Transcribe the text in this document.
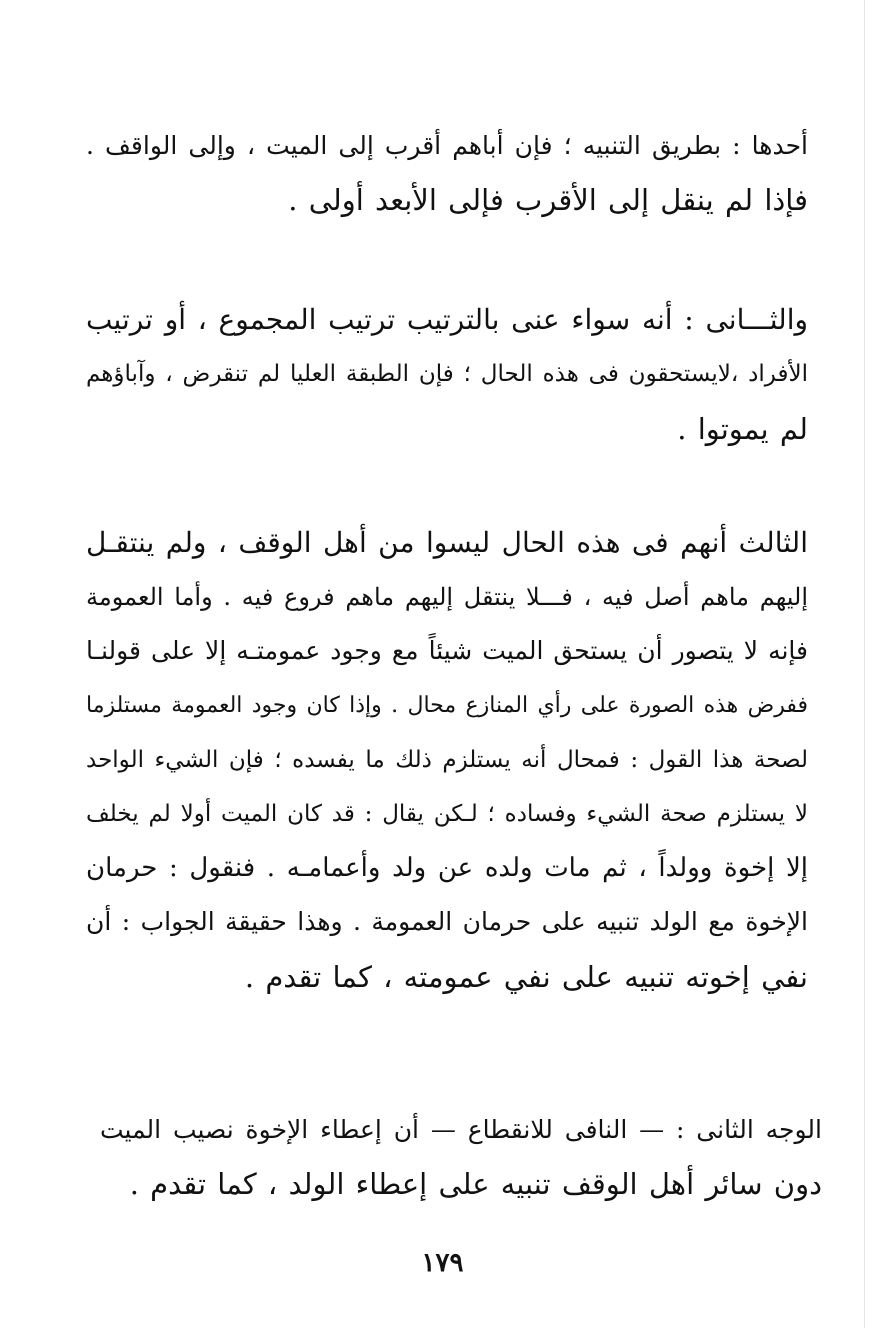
أحدها : بطريق التنبيه ؛ فإن أباهم أقرب إلى الميت ، وإلى الواقف .
فإذا لم ينقل إلى الأقرب فإلى الأبعد أولى .

والثـــانى : أنه سواء عنى بالترتيب ترتيب المجموع ، أو ترتيب
الأفراد ،لايستحقون فى هذه الحال ؛ فإن الطبقة العليا لم تنقرض ، وآباؤهم
لم يموتوا .

الثالث أنهم فى هذه الحال ليسوا من أهل الوقف ، ولم ينتقـل
إليهم ماهم أصل فيه ، فـــلا ينتقل إليهم ماهم فروع فيه . وأما العمومة
فإنه لا يتصور أن يستحق الميت شيئاً مع وجود عمومتـه إلا على قولنـا
ففرض هذه الصورة على رأي المنازع محال . وإذا كان وجود العمومة مستلزما
لصحة هذا القول : فمحال أنه يستلزم ذلك ما يفسده ؛ فإن الشيء الواحد
لا يستلزم صحة الشيء وفساده ؛ لـكن يقال : قد كان الميت أولا لم يخلف
إلا إخوة وولداً ، ثم مات ولده عن ولد وأعمامـه . فنقول : حرمان
الإخوة مع الولد تنبيه على حرمان العمومة . وهذا حقيقة الجواب : أن
نفي إخوته تنبيه على نفي عمومته ، كما تقدم .

الوجه الثانى : — النافى للانقطاع — أن إعطاء الإخوة نصيب الميت
دون سائر أهل الوقف تنبيه على إعطاء الولد ، كما تقدم .

١٧٩
